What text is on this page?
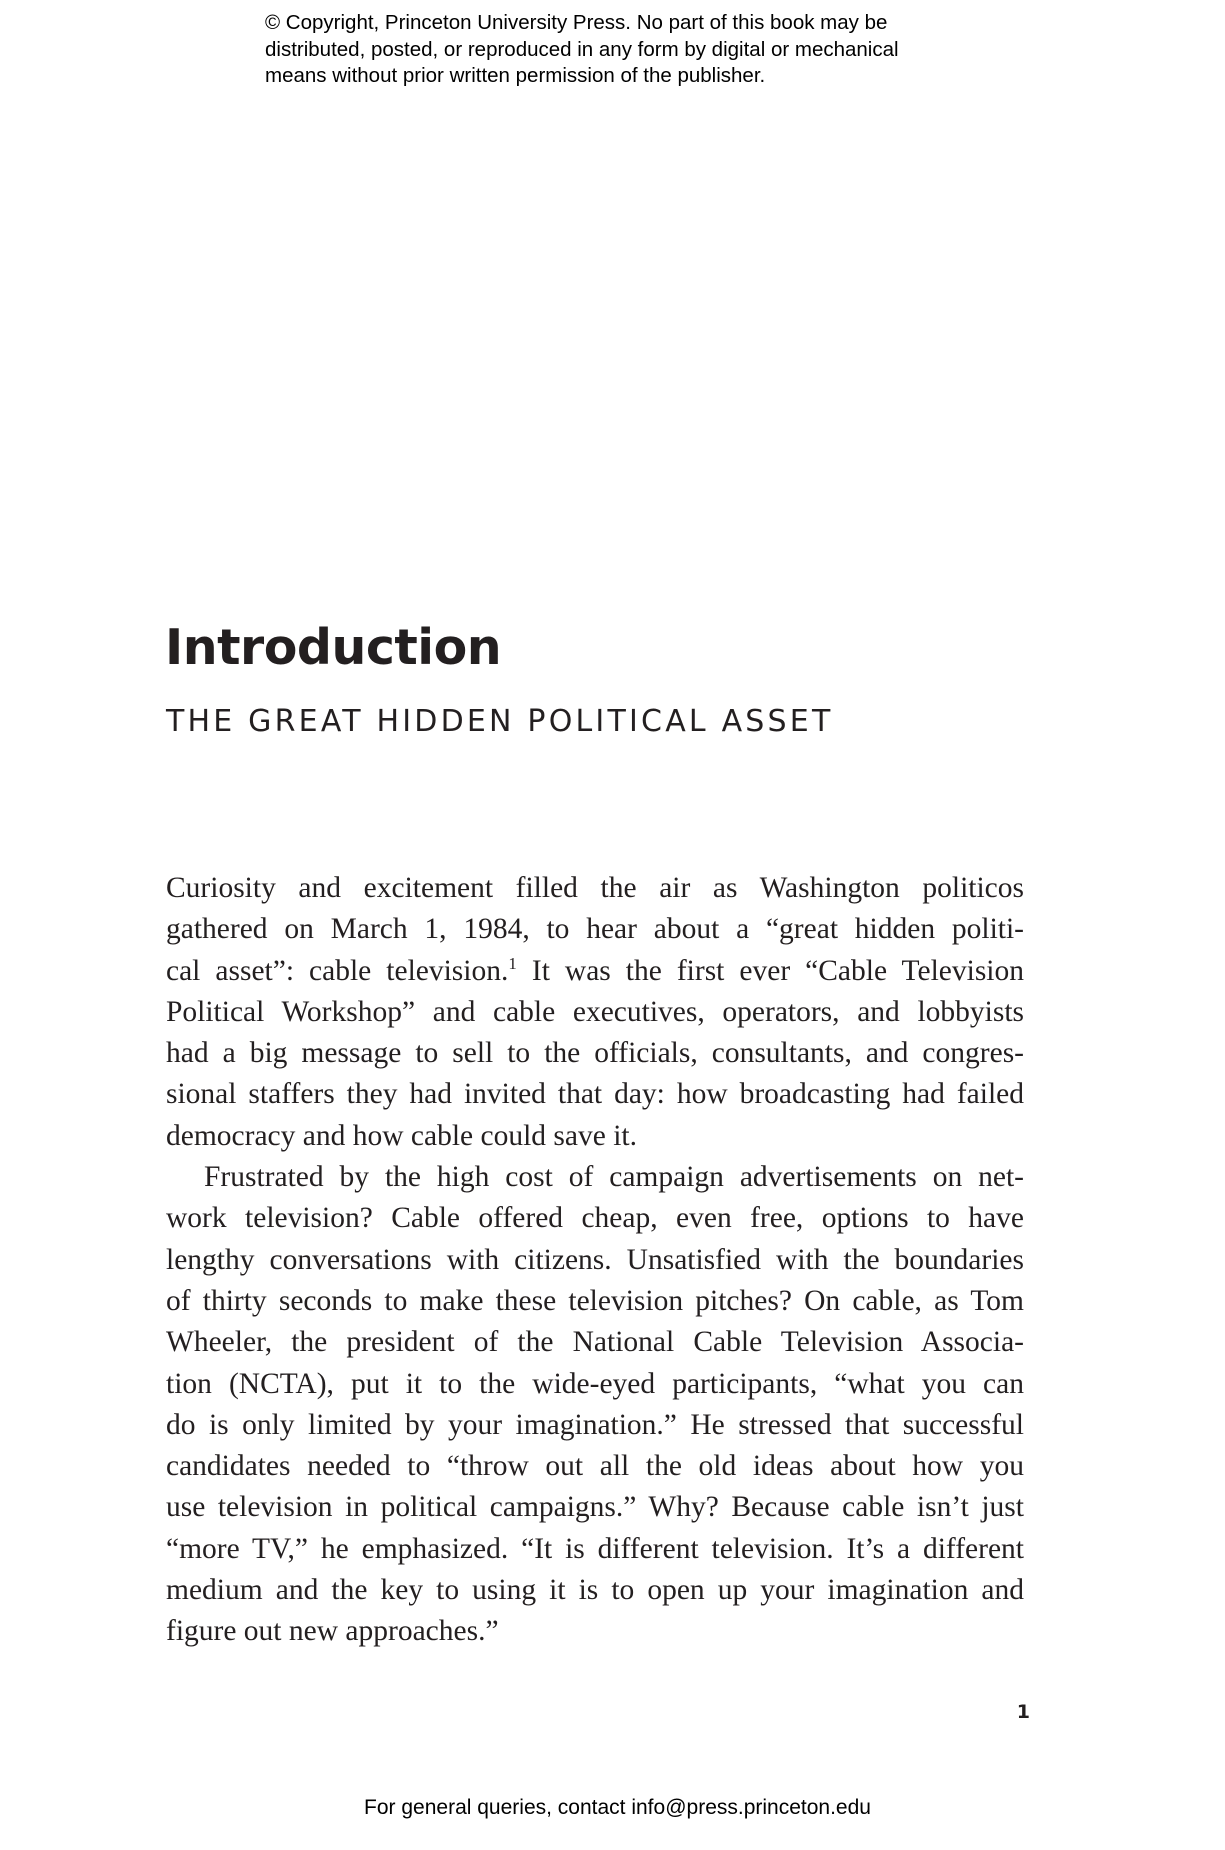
© Copyright, Princeton University Press. No part of this book may be
distributed, posted, or reproduced in any form by digital or mechanical
means without prior written permission of the publisher.
Introduction
THE GREAT HIDDEN POLITICAL ASSET
Curiosity and excitement filled the air as Washington politicos
gathered on March 1, 1984, to hear about a “great hidden politi-
cal asset”: cable television.$^1$ It was the first ever “Cable Television
Political Workshop” and cable executives, operators, and lobbyists
had a big message to sell to the officials, consultants, and congres-
sional staffers they had invited that day: how broadcasting had failed
democracy and how cable could save it.
Frustrated by the high cost of campaign advertisements on net-
work television? Cable offered cheap, even free, options to have
lengthy conversations with citizens. Unsatisfied with the boundaries
of thirty seconds to make these television pitches? On cable, as Tom
Wheeler, the president of the National Cable Television Associa-
tion (NCTA), put it to the wide-eyed participants, “what you can
do is only limited by your imagination.” He stressed that successful
candidates needed to “throw out all the old ideas about how you
use television in political campaigns.” Why? Because cable isn’t just
“more TV,” he emphasized. “It is different television. It’s a different
medium and the key to using it is to open up your imagination and
figure out new approaches.”
1
For general queries, contact info@press.princeton.edu
